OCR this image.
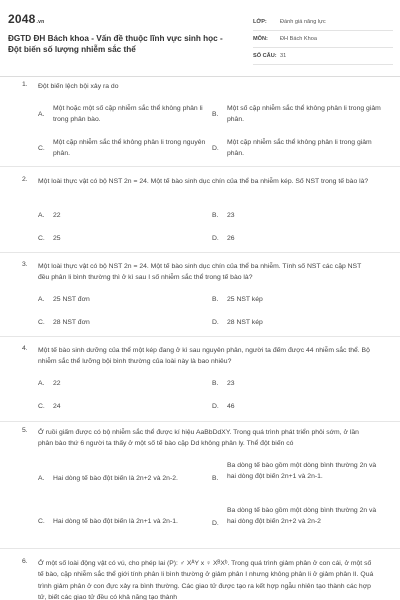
2048.vn
ĐGTD ĐH Bách khoa - Vấn đề thuộc lĩnh vực sinh học - Đột biến số lượng nhiễm sắc thể
LỚP:	Đánh giá năng lực
MÔN:	ĐH Bách Khoa
SỐ CÂU: 31
1. Đột biến lệch bội xảy ra do
A.
Một hoặc một số cặp nhiễm sắc thể không phân li trong phân bào.
B.
Một số cặp nhiễm sắc thể không phân li trong giảm phân.
C.
Một cặp nhiễm sắc thể không phân li trong nguyên phân.
D.
Một cặp nhiễm sắc thể không phân li trong giảm phân.
2. Một loài thực vật có bộ NST 2n = 24. Một tế bào sinh dục chín của thể ba nhiễm kép. Số NST trong tế bào là?
A. 22	B. 23
C. 25	D. 26
3. Một loài thực vật có bộ NST 2n = 24. Một tế bào sinh dục chín của thể ba nhiễm. Tính số NST các cặp NST đều phân li bình thường thì ở kì sau I số nhiễm sắc thể trong tế bào là?
A. 25 NST đơn	B. 25 NST kép
C. 28 NST đơn	D. 28 NST kép
4. Một tế bào sinh dưỡng của thể một kép đang ở kì sau nguyên phân, người ta đếm được 44 nhiễm sắc thể. Bộ nhiễm sắc thể lưỡng bội bình thường của loài này là bao nhiêu?
A. 22	B. 23
C. 24	D. 46
5. Ở ruồi giấm được có bộ nhiễm sắc thể được kí hiệu AaBbDdXY. Trong quá trình phát triển phôi sớm, ở lần phân bào thứ 6 người ta thấy ở một số tế bào cặp Dd không phân ly. Thể đột biến có
A. Hai dòng tế bào đột biến là 2n+2 và 2n-2.	B.
Ba dòng tế bào gồm một dòng bình thường 2n và hai dòng đột biến 2n+1 và 2n-1.
C. Hai dòng tế bào đột biến là 2n+1 và 2n-1.	D.
Ba dòng tế bào gồm một dòng bình thường 2n và hai dòng đột biến 2n+2 và 2n-2
6. Ở một số loài động vật có vú, cho phép lai (P): ♂ XᴬY x ♀ XᴮXᵇ. Trong quá trình giảm phân ở con cái, ở một số tế bào, cặp nhiễm sắc thể giới tính phân li bình thường ở giảm phân I nhưng không phân li ở giảm phân II. Quá trình giảm phân ở con đực xảy ra bình thường. Các giao tử được tạo ra kết hợp ngẫu nhiên tạo thành các hợp tử, biết các giao tử đều có khả năng tạo thành
